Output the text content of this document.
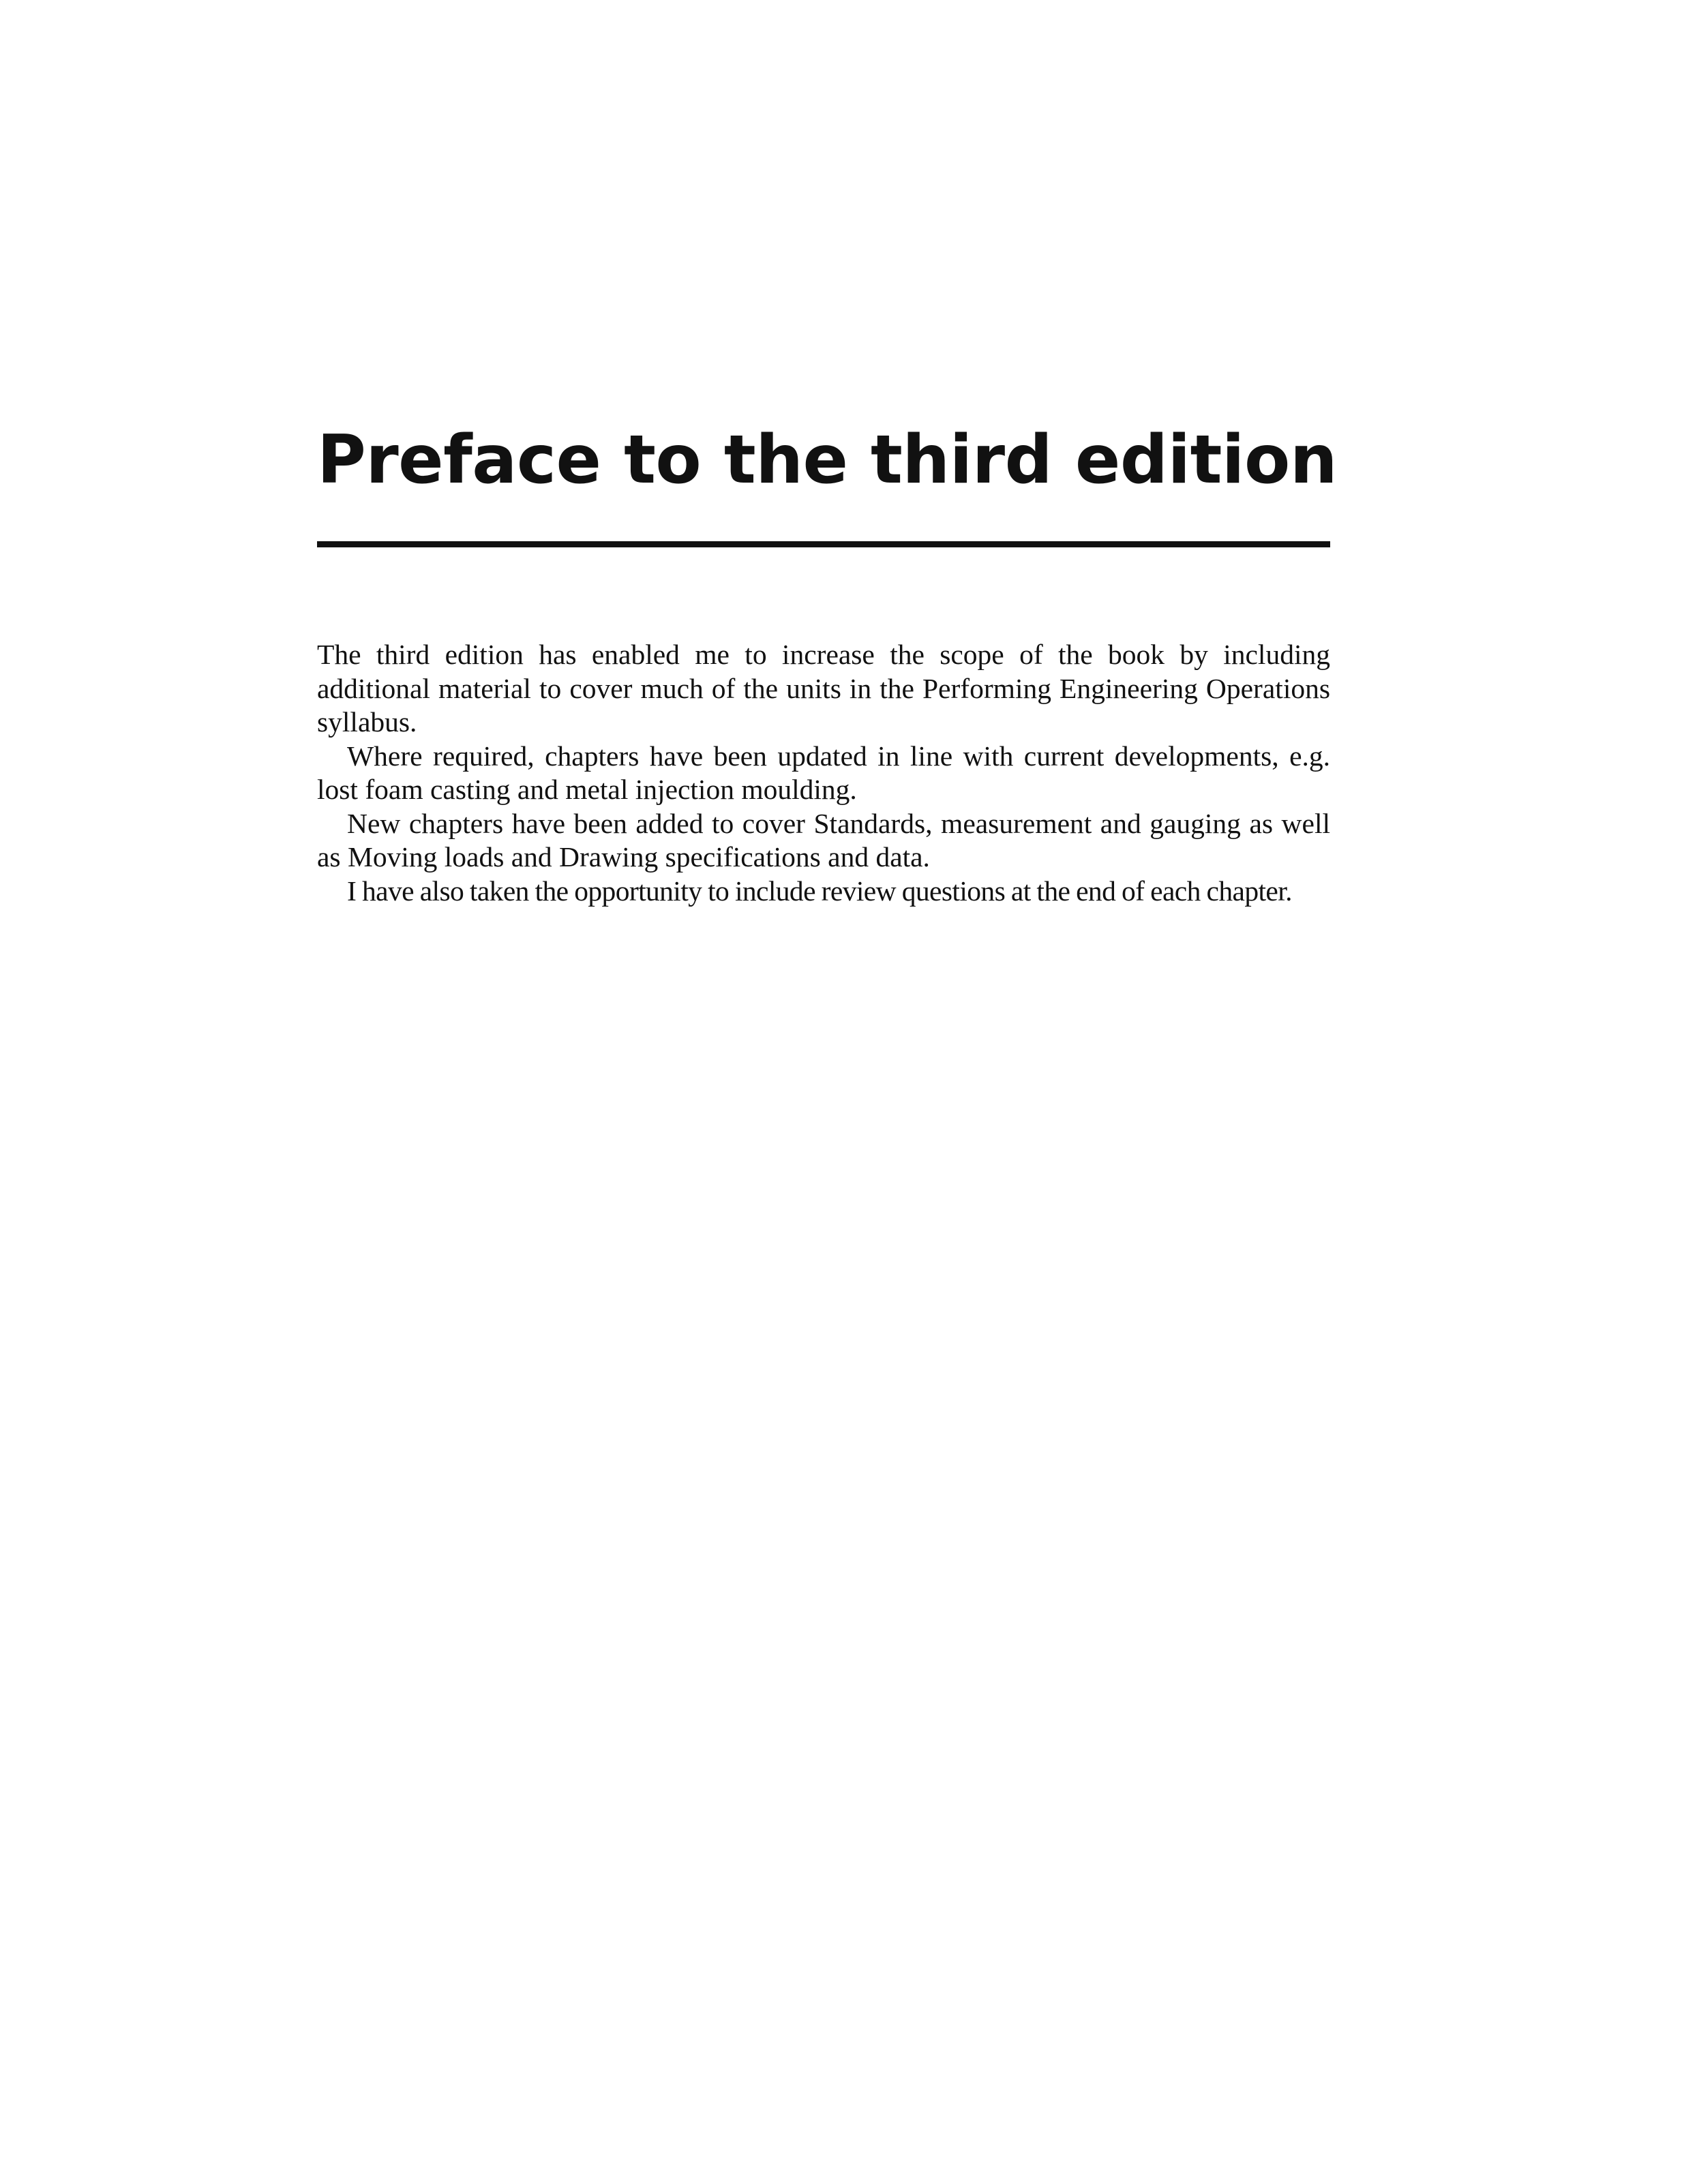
Preface to the third edition

The third edition has enabled me to increase the scope of the book by including additional material to cover much of the units in the Performing Engineering Operations syllabus.

Where required, chapters have been updated in line with current developments, e.g. lost foam casting and metal injection moulding.

New chapters have been added to cover Standards, measurement and gauging as well as Moving loads and Drawing specifications and data.

I have also taken the opportunity to include review questions at the end of each chapter.
